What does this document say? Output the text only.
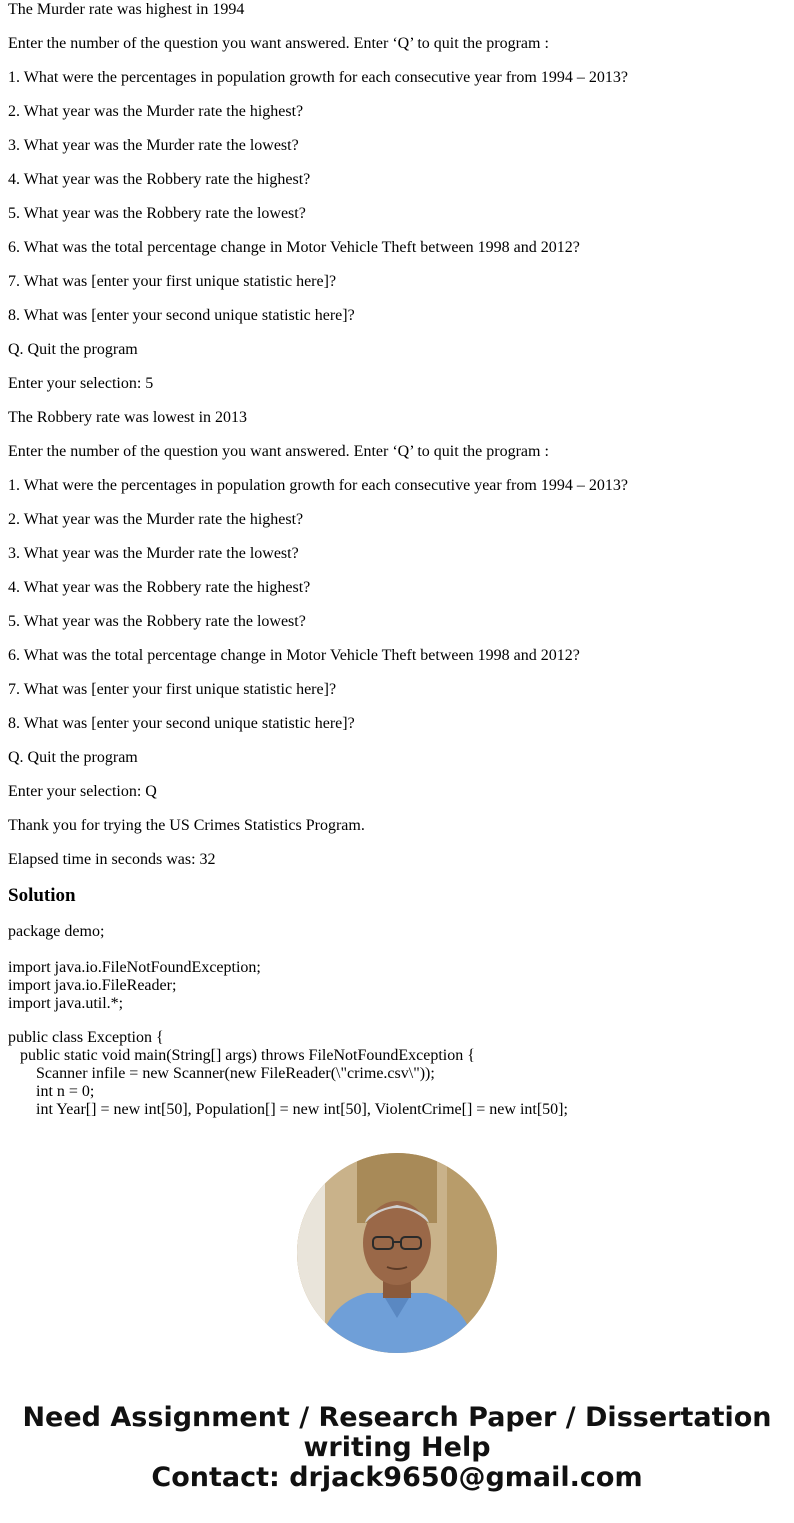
The Murder rate was highest in 1994
Enter the number of the question you want answered. Enter ‘Q’ to quit the program :
1. What were the percentages in population growth for each consecutive year from 1994 – 2013?
2. What year was the Murder rate the highest?
3. What year was the Murder rate the lowest?
4. What year was the Robbery rate the highest?
5. What year was the Robbery rate the lowest?
6. What was the total percentage change in Motor Vehicle Theft between 1998 and 2012?
7. What was [enter your first unique statistic here]?
8. What was [enter your second unique statistic here]?
Q. Quit the program
Enter your selection: 5
The Robbery rate was lowest in 2013
Enter the number of the question you want answered. Enter ‘Q’ to quit the program :
1. What were the percentages in population growth for each consecutive year from 1994 – 2013?
2. What year was the Murder rate the highest?
3. What year was the Murder rate the lowest?
4. What year was the Robbery rate the highest?
5. What year was the Robbery rate the lowest?
6. What was the total percentage change in Motor Vehicle Theft between 1998 and 2012?
7. What was [enter your first unique statistic here]?
8. What was [enter your second unique statistic here]?
Q. Quit the program
Enter your selection: Q
Thank you for trying the US Crimes Statistics Program.
Elapsed time in seconds was: 32
Solution
package demo;
import java.io.FileNotFoundException;
import java.io.FileReader;
import java.util.*;
public class Exception {
public static void main(String[] args) throws FileNotFoundException {
Scanner infile = new Scanner(new FileReader(\"crime.csv\"));
int n = 0;
int Year[] = new int[50], Population[] = new int[50], ViolentCrime[] = new int[50];
Need Assignment / Research Paper / Dissertation
writing Help
Contact: drjack9650@gmail.com
